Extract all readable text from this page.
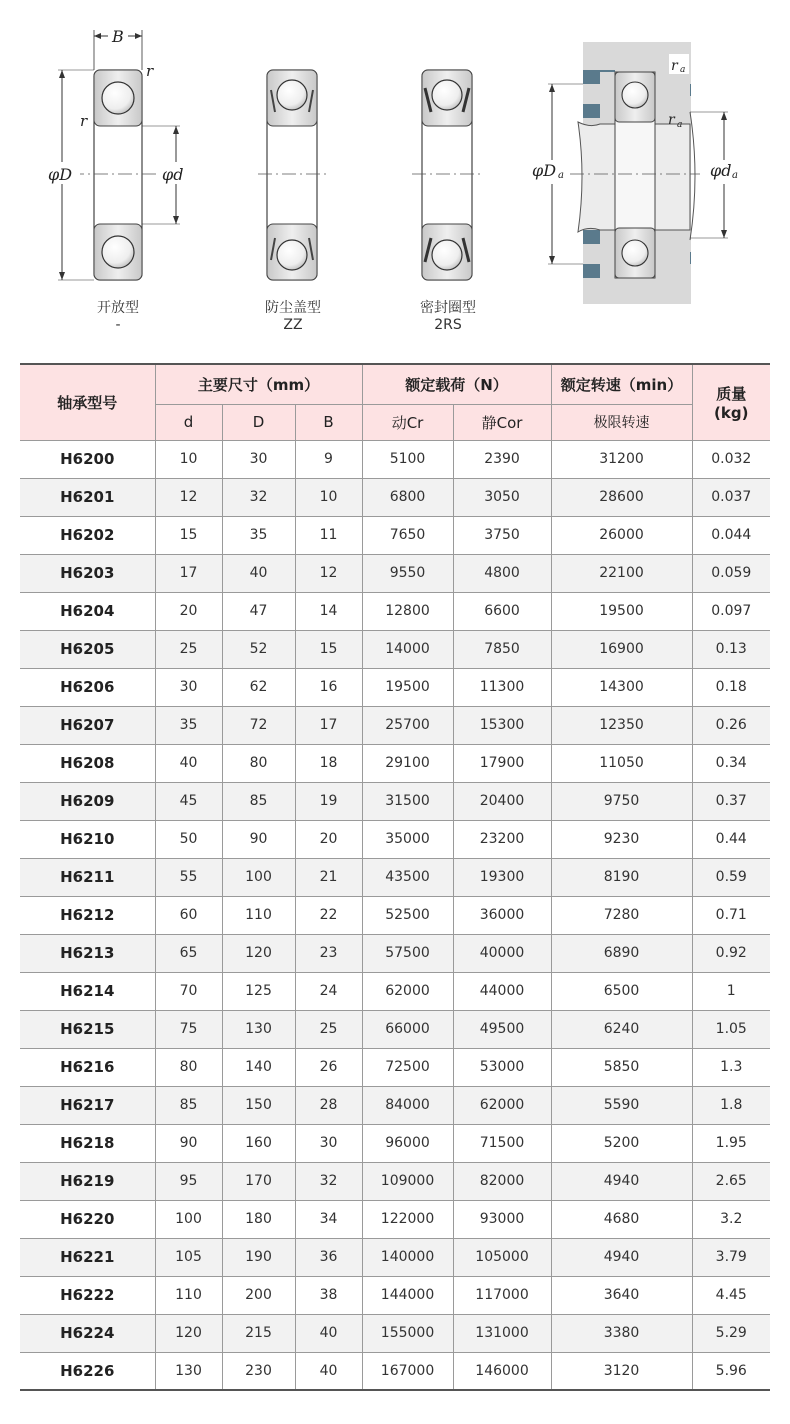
B
r
r
φD	φd
r a
r a
φD a	φd a
开放型
-
防尘盖型
ZZ
密封圈型
2RS
轴承型号	主要尺寸（mm）			额定载荷（N）		额定转速（min）	质量
(kg)
	d	D	B	动Cr	静Cor	极限转速	
H6200	10	30	9	5100	2390	31200	0.032
H6201	12	32	10	6800	3050	28600	0.037
H6202	15	35	11	7650	3750	26000	0.044
H6203	17	40	12	9550	4800	22100	0.059
H6204	20	47	14	12800	6600	19500	0.097
H6205	25	52	15	14000	7850	16900	0.13
H6206	30	62	16	19500	11300	14300	0.18
H6207	35	72	17	25700	15300	12350	0.26
H6208	40	80	18	29100	17900	11050	0.34
H6209	45	85	19	31500	20400	9750	0.37
H6210	50	90	20	35000	23200	9230	0.44
H6211	55	100	21	43500	19300	8190	0.59
H6212	60	110	22	52500	36000	7280	0.71
H6213	65	120	23	57500	40000	6890	0.92
H6214	70	125	24	62000	44000	6500	1
H6215	75	130	25	66000	49500	6240	1.05
H6216	80	140	26	72500	53000	5850	1.3
H6217	85	150	28	84000	62000	5590	1.8
H6218	90	160	30	96000	71500	5200	1.95
H6219	95	170	32	109000	82000	4940	2.65
H6220	100	180	34	122000	93000	4680	3.2
H6221	105	190	36	140000	105000	4940	3.79
H6222	110	200	38	144000	117000	3640	4.45
H6224	120	215	40	155000	131000	3380	5.29
H6226	130	230	40	167000	146000	3120	5.96
